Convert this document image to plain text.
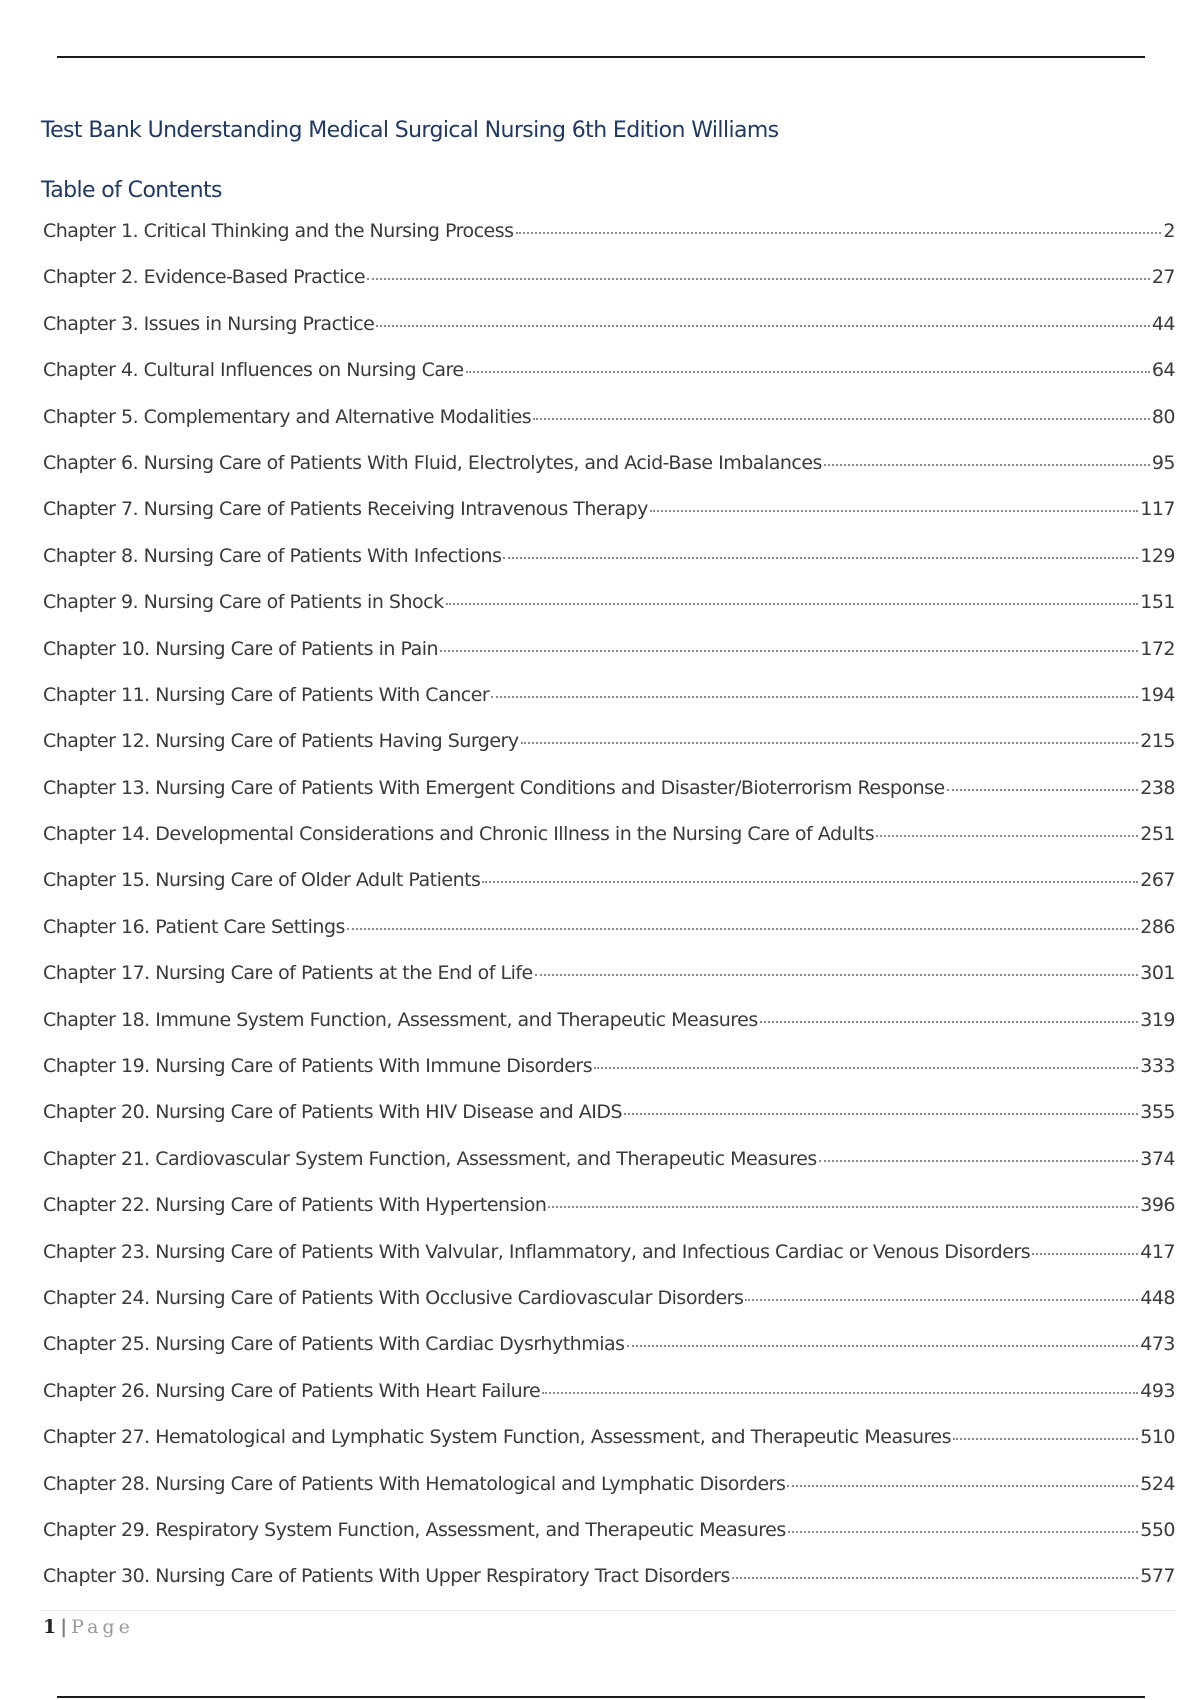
Test Bank Understanding Medical Surgical Nursing 6th Edition Williams
Table of Contents
Chapter 1. Critical Thinking and the Nursing Process	2
Chapter 2. Evidence-Based Practice	27
Chapter 3. Issues in Nursing Practice	44
Chapter 4. Cultural Influences on Nursing Care	64
Chapter 5. Complementary and Alternative Modalities	80
Chapter 6. Nursing Care of Patients With Fluid, Electrolytes, and Acid-Base Imbalances	95
Chapter 7. Nursing Care of Patients Receiving Intravenous Therapy	117
Chapter 8. Nursing Care of Patients With Infections	129
Chapter 9. Nursing Care of Patients in Shock	151
Chapter 10. Nursing Care of Patients in Pain	172
Chapter 11. Nursing Care of Patients With Cancer	194
Chapter 12. Nursing Care of Patients Having Surgery	215
Chapter 13. Nursing Care of Patients With Emergent Conditions and Disaster/Bioterrorism Response	238
Chapter 14. Developmental Considerations and Chronic Illness in the Nursing Care of Adults	251
Chapter 15. Nursing Care of Older Adult Patients	267
Chapter 16. Patient Care Settings	286
Chapter 17. Nursing Care of Patients at the End of Life	301
Chapter 18. Immune System Function, Assessment, and Therapeutic Measures	319
Chapter 19. Nursing Care of Patients With Immune Disorders	333
Chapter 20. Nursing Care of Patients With HIV Disease and AIDS	355
Chapter 21. Cardiovascular System Function, Assessment, and Therapeutic Measures	374
Chapter 22. Nursing Care of Patients With Hypertension	396
Chapter 23. Nursing Care of Patients With Valvular, Inflammatory, and Infectious Cardiac or Venous Disorders	417
Chapter 24. Nursing Care of Patients With Occlusive Cardiovascular Disorders	448
Chapter 25. Nursing Care of Patients With Cardiac Dysrhythmias	473
Chapter 26. Nursing Care of Patients With Heart Failure	493
Chapter 27. Hematological and Lymphatic System Function, Assessment, and Therapeutic Measures	510
Chapter 28. Nursing Care of Patients With Hematological and Lymphatic Disorders	524
Chapter 29. Respiratory System Function, Assessment, and Therapeutic Measures	550
Chapter 30. Nursing Care of Patients With Upper Respiratory Tract Disorders	577
1 | Page
